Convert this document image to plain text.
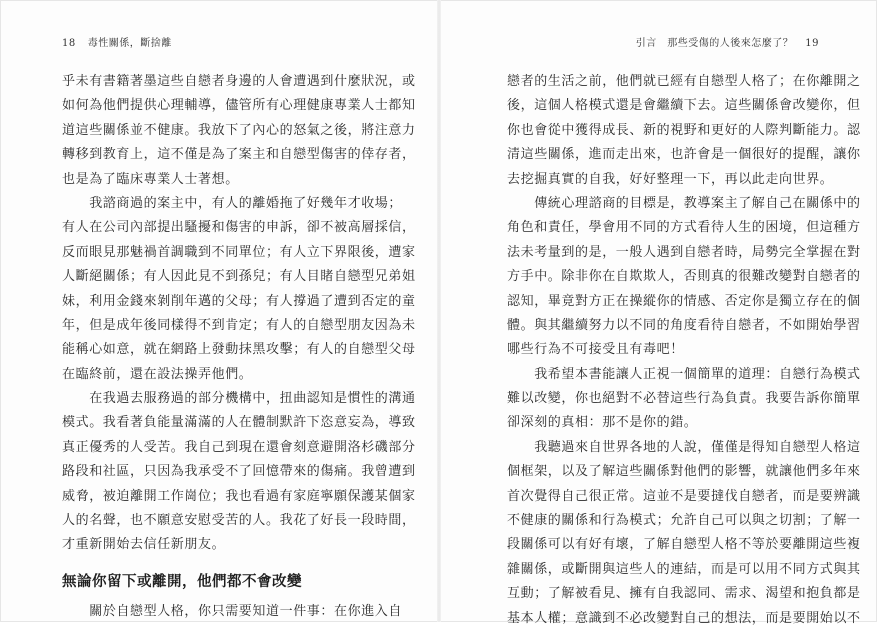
18 毒性關係，斷捨離
乎未有書籍著墨這些自戀者身邊的人會遭遇到什麼狀況，或
如何為他們提供心理輔導，儘管所有心理健康專業人士都知
道這些關係並不健康。我放下了內心的怒氣之後，將注意力
轉移到教育上，這不僅是為了案主和自戀型傷害的倖存者，
也是為了臨床專業人士著想。
　　我諮商過的案主中，有人的離婚拖了好幾年才收場；
有人在公司內部提出騷擾和傷害的申訴，卻不被高層採信，
反而眼見那魅禍首調職到不同單位；有人立下界限後，遭家
人斷絕關係；有人因此見不到孫兒；有人目睹自戀型兄弟姐
妹，利用金錢來剝削年邁的父母；有人撐過了遭到否定的童
年，但是成年後同樣得不到肯定；有人的自戀型朋友因為未
能稱心如意，就在網路上發動抹黑攻擊；有人的自戀型父母
在臨終前，還在設法操弄他們。
　　在我過去服務過的部分機構中，扭曲認知是慣性的溝通
模式。我看著負能量滿滿的人在體制默許下恣意妄為，導致
真正優秀的人受苦。我自己到現在還會刻意避開洛杉磯部分
路段和社區，只因為我承受不了回憶帶來的傷痛。我曾遭到
威脅，被迫離開工作崗位；我也看過有家庭寧願保護某個家
人的名聲，也不願意安慰受苦的人。我花了好長一段時間，
才重新開始去信任新朋友。
無論你留下或離開，他們都不會改變
　　關於自戀型人格，你只需要知道一件事：在你進入自
引言　那些受傷的人後來怎麼了？ 19
戀者的生活之前，他們就已經有自戀型人格了；在你離開之
後，這個人格模式還是會繼續下去。這些關係會改變你，但
你也會從中獲得成長、新的視野和更好的人際判斷能力。認
清這些關係，進而走出來，也許會是一個很好的提醒，讓你
去挖掘真實的自我，好好整理一下，再以此走向世界。
　　傳統心理諮商的目標是，教導案主了解自己在關係中的
角色和責任，學會用不同的方式看待人生的困境，但這種方
法未考量到的是，一般人遇到自戀者時，局勢完全掌握在對
方手中。除非你在自欺欺人，否則真的很難改變對自戀者的
認知，畢竟對方正在操縱你的情感、否定你是獨立存在的個
體。與其繼續努力以不同的角度看待自戀者，不如開始學習
哪些行為不可接受且有毒吧！
　　我希望本書能讓人正視一個簡單的道理：自戀行為模式
難以改變，你也絕對不必替這些行為負責。我要告訴你簡單
卻深刻的真相：那不是你的錯。
　　我聽過來自世界各地的人說，僅僅是得知自戀型人格這
個框架，以及了解這些關係對他們的影響，就讓他們多年來
首次覺得自己很正常。這並不是要撻伐自戀者，而是要辨識
不健康的關係和行為模式；允許自己可以與之切割；了解一
段關係可以有好有壞，了解自戀型人格不等於要離開這些複
雜關係，或斷開與這些人的連結，而是可以用不同方式與其
互動；了解被看見、擁有自我認同、需求、渴望和抱負都是
基本人權；意識到不必改變對自己的想法，而是要開始以不
